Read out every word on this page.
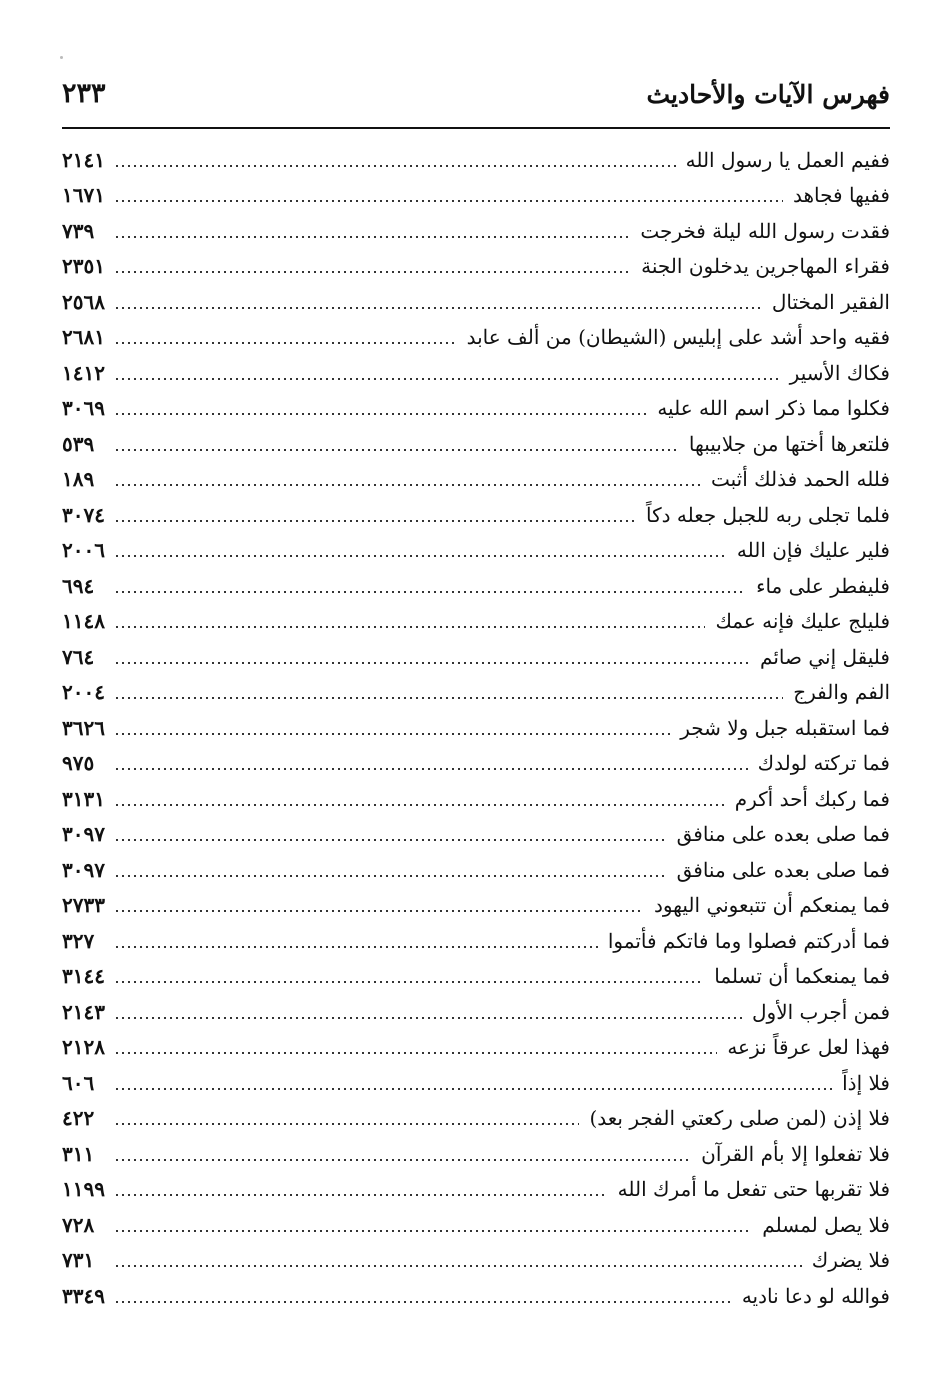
فهرس الآيات والأحاديث
٢٣٣
ففيم العمل يا رسول الله
٢١٤١
ففيها فجاهد
١٦٧١
فقدت رسول الله ليلة فخرجت
٧٣٩
فقراء المهاجرين يدخلون الجنة
٢٣٥١
الفقير المختال
٢٥٦٨
فقيه واحد أشد على إبليس (الشيطان) من ألف عابد
٢٦٨١
فكاك الأسير
١٤١٢
فكلوا مما ذكر اسم الله عليه
٣٠٦٩
فلتعرها أختها من جلابيبها
٥٣٩
فلله الحمد فذلك أثبت
١٨٩
فلما تجلى ربه للجبل جعله دكاً
٣٠٧٤
فلير عليك فإن الله
٢٠٠٦
فليفطر على ماء
٦٩٤
فليلج عليك فإنه عمك
١١٤٨
فليقل إني صائم
٧٦٤
الفم والفرج
٢٠٠٤
فما استقبله جبل ولا شجر
٣٦٢٦
فما تركته لولدك
٩٧٥
فما ركبك أحد أكرم
٣١٣١
فما صلى بعده على منافق
٣٠٩٧
فما صلى بعده على منافق
٣٠٩٧
فما يمنعكم أن تتبعوني اليهود
٢٧٣٣
فما أدركتم فصلوا وما فاتكم فأتموا
٣٢٧
فما يمنعكما أن تسلما
٣١٤٤
فمن أجرب الأول
٢١٤٣
فهذا لعل عرقاً نزعه
٢١٢٨
فلا إذاً
٦٠٦
فلا إذن (لمن صلى ركعتي الفجر بعد)
٤٢٢
فلا تفعلوا إلا بأم القرآن
٣١١
فلا تقربها حتى تفعل ما أمرك الله
١١٩٩
فلا يصل لمسلم
٧٢٨
فلا يضرك
٧٣١
فوالله لو دعا ناديه
٣٣٤٩
